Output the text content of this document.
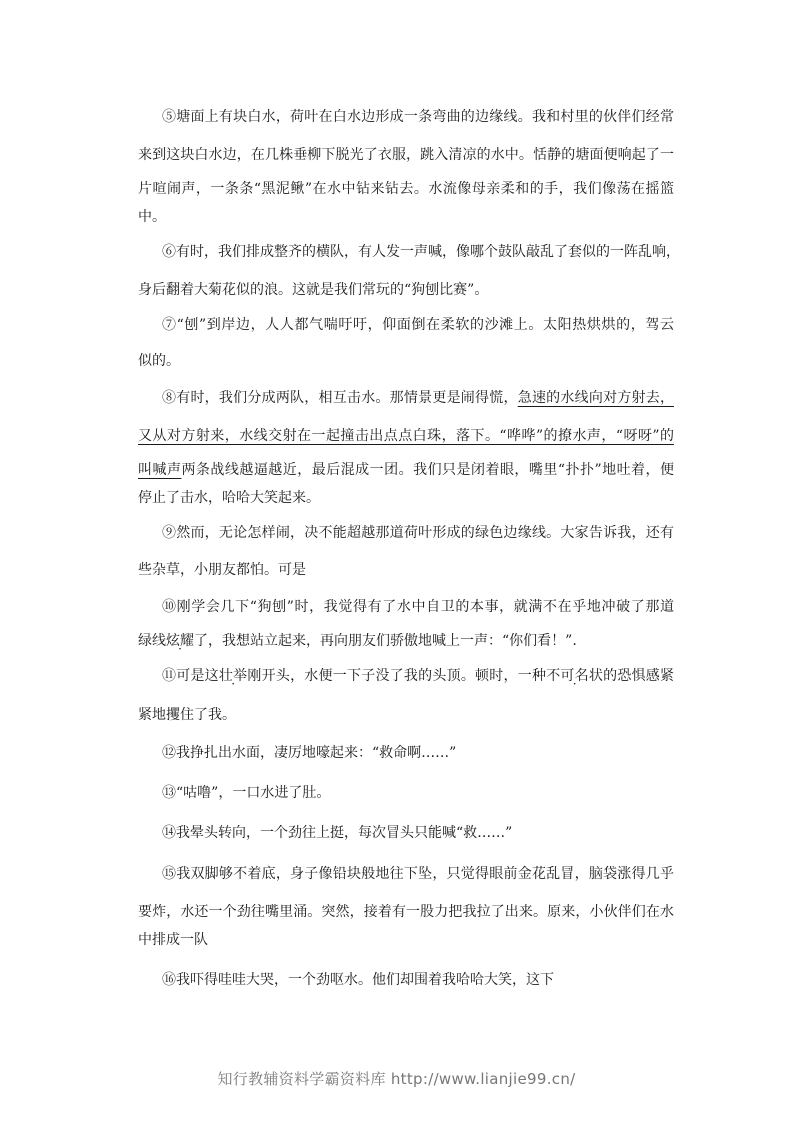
⑤塘面上有块白水，荷叶在白水边形成一条弯曲的边缘线。我和村里的伙伴们经常
来到这块白水边，在几株垂柳下脱光了衣服，跳入清凉的水中。恬静的塘面便响起了一
片喧闹声，一条条“黑泥鳅”在水中钻来钻去。水流像母亲柔和的手，我们像荡在摇篮
中。
⑥有时，我们排成整齐的横队，有人发一声喊，像哪个鼓队敲乱了套似的一阵乱响，
身后翻着大菊花似的浪。这就是我们常玩的“狗刨比赛”。
⑦“刨”到岸边，人人都气喘吁吁，仰面倒在柔软的沙滩上。太阳热烘烘的，驾云
似的。
⑧有时，我们分成两队，相互击水。那情景更是闹得慌，急速的水线向对方射去，
又从对方射来，水线交射在一起撞击出点点白珠，落下。“哗哗”的撩水声，“呀呀”的
叫喊声两条战线越逼越近，最后混成一团。我们只是闭着眼，嘴里“扑扑”地吐着，便
停止了击水，哈哈大笑起来。
⑨然而，无论怎样闹，决不能超越那道荷叶形成的绿色边缘线。大家告诉我，还有
些杂草，小朋友都怕。可是
⑩刚学会几下“狗刨”时，我觉得有了水中自卫的本事，就满不在乎地冲破了那道
绿线炫耀了，我想站立起来，再向朋友们骄傲地喊上一声：“你们看！”.
⑪可是这壮举刚开头，水便一下子没了我的头顶。顿时，一种不可名状的恐惧感紧
紧地攫住了我。
⑫我挣扎出水面，凄厉地嚎起来：“救命啊……”
⑬“咕噜”，一口水进了肚。
⑭我晕头转向，一个劲往上挺，每次冒头只能喊“救……”
⑮我双脚够不着底，身子像铅块般地往下坠，只觉得眼前金花乱冒，脑袋涨得几乎
要炸，水还一个劲往嘴里涌。突然，接着有一股力把我拉了出来。原来，小伙伴们在水
中排成一队
⑯我吓得哇哇大哭，一个劲呕水。他们却围着我哈哈大笑，这下
知行教辅资料学霸资料库 http://www.lianjie99.cn/
